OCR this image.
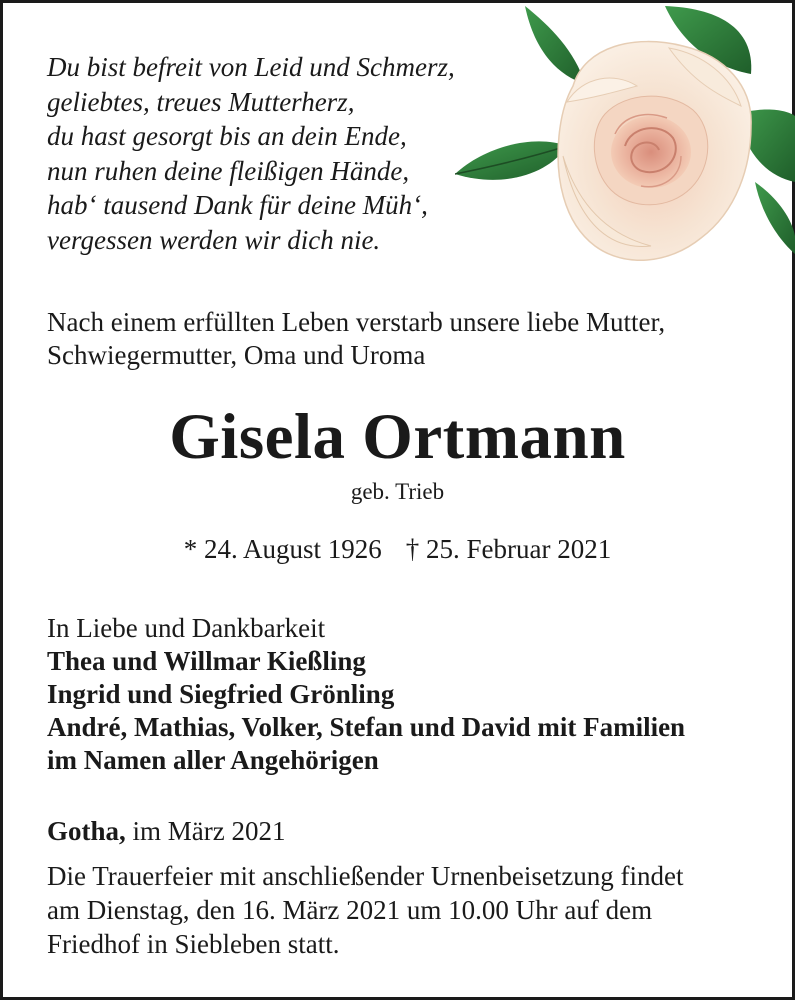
Du bist befreit von Leid und Schmerz,
geliebtes, treues Mutterherz,
du hast gesorgt bis an dein Ende,
nun ruhen deine fleißigen Hände,
hab‘ tausend Dank für deine Müh‘,
vergessen werden wir dich nie.
Nach einem erfüllten Leben verstarb unsere liebe Mutter,
Schwiegermutter, Oma und Uroma
Gisela Ortmann
geb. Trieb
* 24. August 1926 † 25. Februar 2021
In Liebe und Dankbarkeit
Thea und Willmar Kießling
Ingrid und Siegfried Grönling
André, Mathias, Volker, Stefan und David mit Familien
im Namen aller Angehörigen
Gotha, im März 2021
Die Trauerfeier mit anschließender Urnenbeisetzung findet
am Dienstag, den 16. März 2021 um 10.00 Uhr auf dem
Friedhof in Siebleben statt.
